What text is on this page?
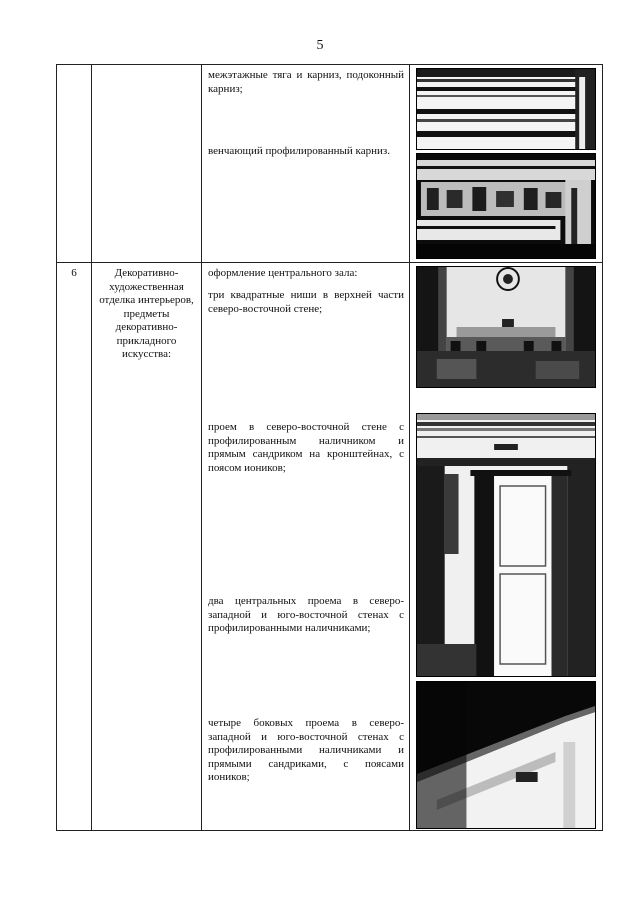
5

		межэтажные тяга и карниз, подоконный карниз;
венчающий профилированный карниз.

6	Декоративно-художественная отделка интерьеров, предметы декоративно-прикладного искусства:	оформление центрального зала:
три квадратные ниши в верхней части северо-восточной стене;
проем в северо-восточной стене с профилированным наличником и прямым сандриком на кронштейнах, с поясом иоников;
два центральных проема в северо-западной и юго-восточной стенах с профилированными наличниками;
четыре боковых проема в северо-западной и юго-восточной стенах с профилированными наличниками и прямыми сандриками, с поясами иоников;
